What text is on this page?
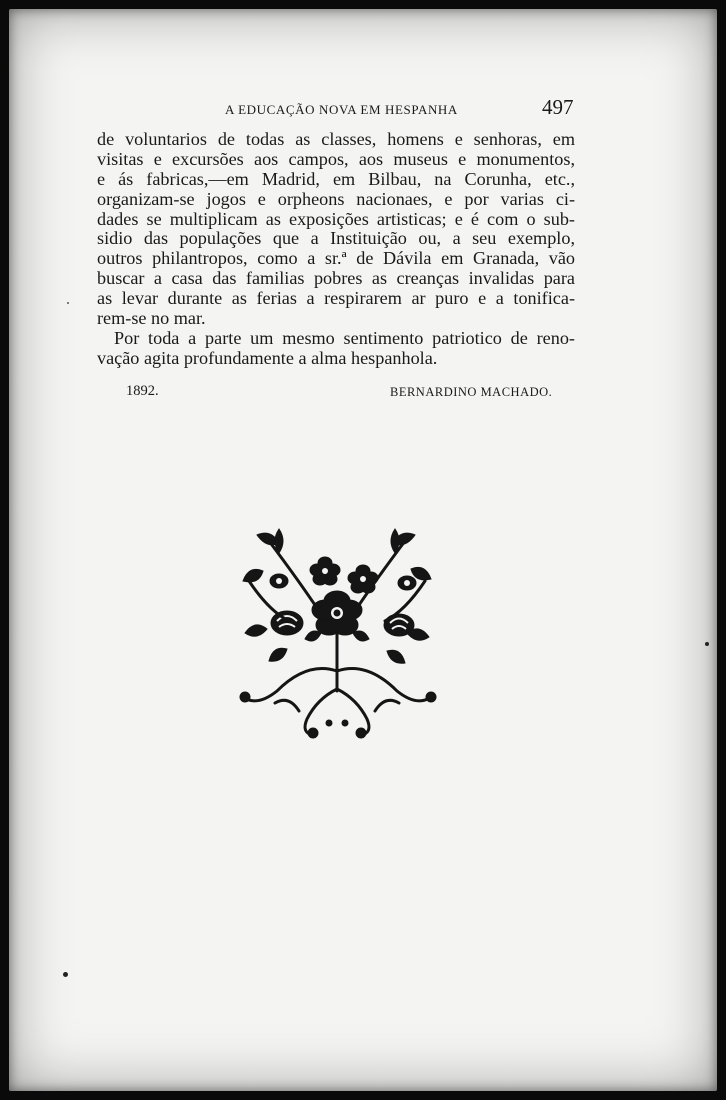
A EDUCAÇÃO NOVA EM HESPANHA	497
de voluntarios de todas as classes, homens e senhoras, em
visitas e excursões aos campos, aos museus e monumentos,
e ás fabricas,—em Madrid, em Bilbau, na Corunha, etc.,
organizam-se jogos e orpheons nacionaes, e por varias ci-
dades se multiplicam as exposições artisticas; e é com o sub-
sidio das populações que a Instituição ou, a seu exemplo,
outros philantropos, como a sr.ª de Dávila em Granada, vão
buscar a casa das familias pobres as creanças invalidas para
as levar durante as ferias a respirarem ar puro e a tonifica-
rem-se no mar.
Por toda a parte um mesmo sentimento patriotico de reno-
vação agita profundamente a alma hespanhola.
1892.	BERNARDINO MACHADO.
